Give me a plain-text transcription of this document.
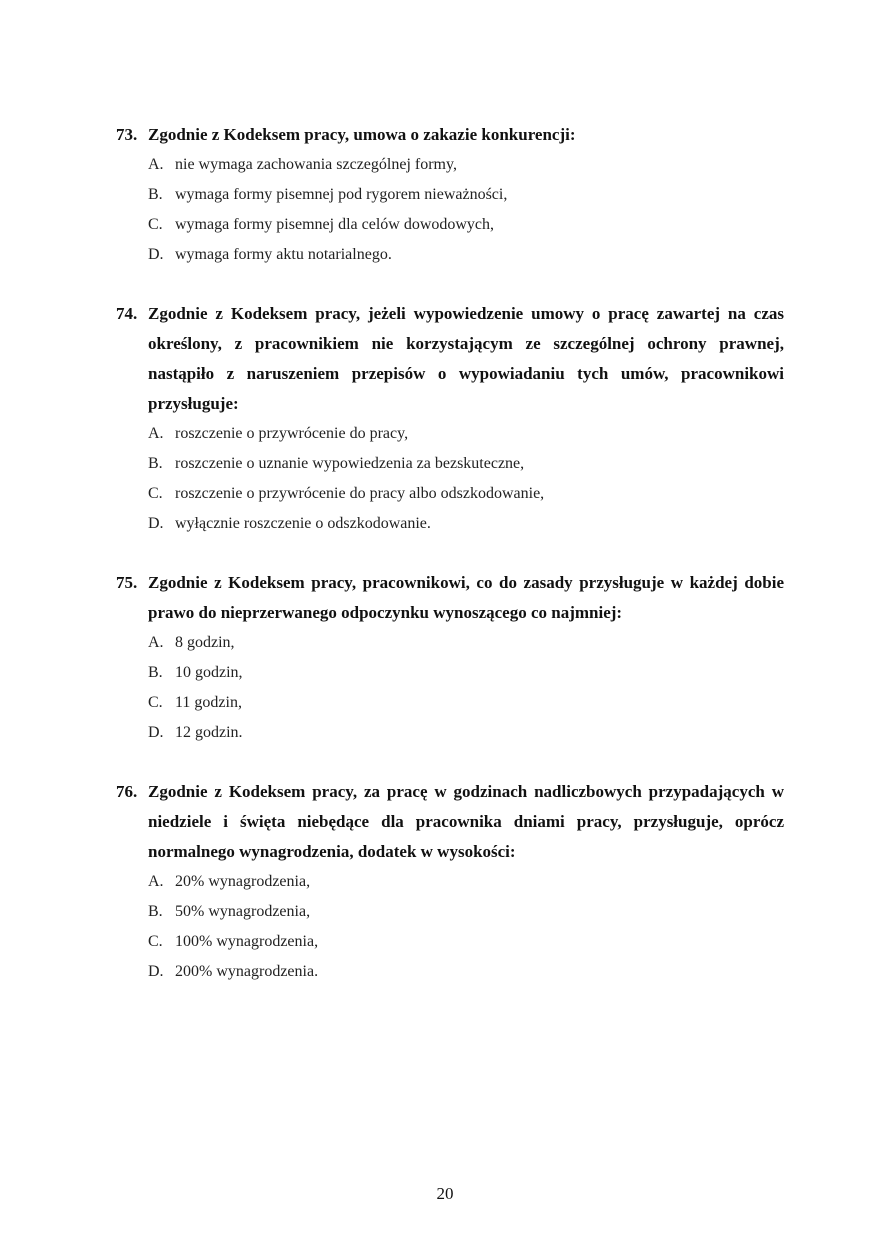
73. Zgodnie z Kodeksem pracy, umowa o zakazie konkurencji:
A. nie wymaga zachowania szczególnej formy,
B. wymaga formy pisemnej pod rygorem nieważności,
C. wymaga formy pisemnej dla celów dowodowych,
D. wymaga formy aktu notarialnego.
74. Zgodnie z Kodeksem pracy, jeżeli wypowiedzenie umowy o pracę zawartej na czas określony, z pracownikiem nie korzystającym ze szczególnej ochrony prawnej, nastąpiło z naruszeniem przepisów o wypowiadaniu tych umów, pracownikowi przysługuje:
A. roszczenie o przywrócenie do pracy,
B. roszczenie o uznanie wypowiedzenia za bezskuteczne,
C. roszczenie o przywrócenie do pracy albo odszkodowanie,
D. wyłącznie roszczenie o odszkodowanie.
75. Zgodnie z Kodeksem pracy, pracownikowi, co do zasady przysługuje w każdej dobie prawo do nieprzerwanego odpoczynku wynoszącego co najmniej:
A. 8 godzin,
B. 10 godzin,
C. 11 godzin,
D. 12 godzin.
76. Zgodnie z Kodeksem pracy, za pracę w godzinach nadliczbowych przypadających w niedziele i święta niebędące dla pracownika dniami pracy, przysługuje, oprócz normalnego wynagrodzenia, dodatek w wysokości:
A. 20% wynagrodzenia,
B. 50% wynagrodzenia,
C. 100% wynagrodzenia,
D. 200% wynagrodzenia.
20
